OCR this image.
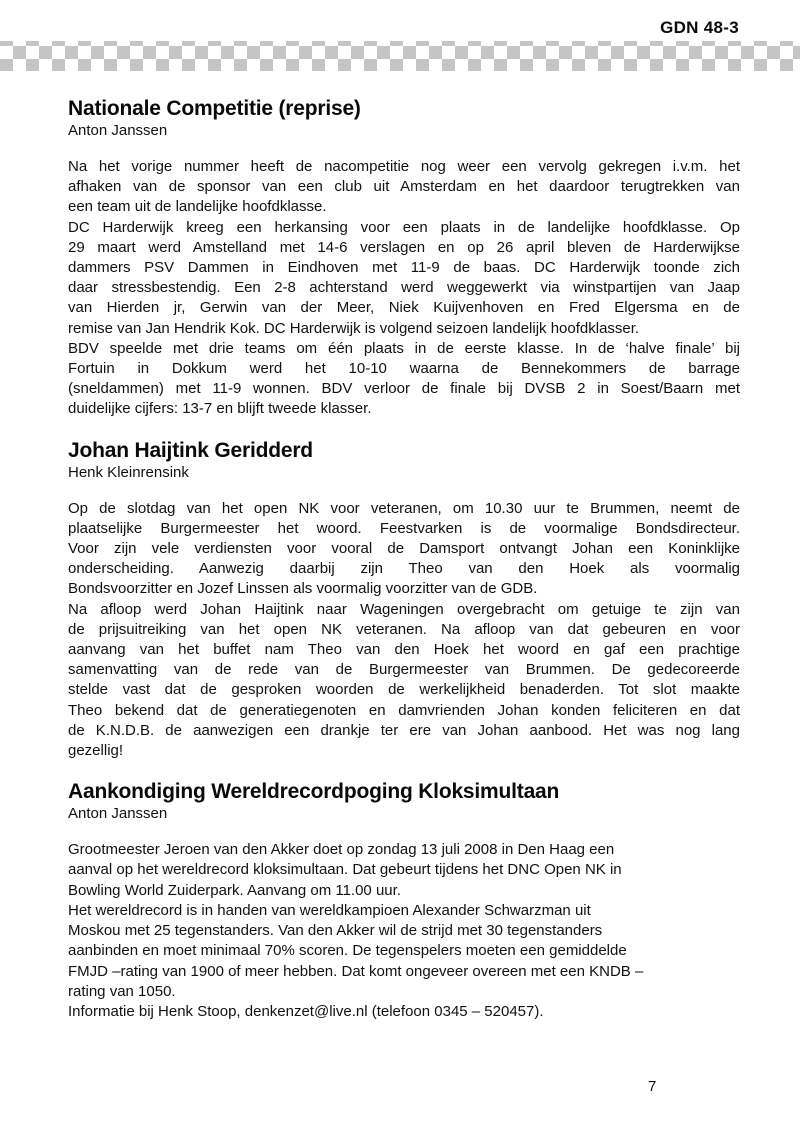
GDN 48-3
Nationale Competitie (reprise)
Anton Janssen
Na het vorige nummer heeft de nacompetitie nog weer een vervolg gekregen i.v.m. het
afhaken van de sponsor van een club uit Amsterdam en het daardoor terugtrekken van
een team uit de landelijke hoofdklasse.
DC Harderwijk kreeg een herkansing voor een plaats in de landelijke hoofdklasse. Op
29 maart werd Amstelland met 14-6 verslagen en op 26 april bleven de Harderwijkse
dammers PSV Dammen in Eindhoven met 11-9 de baas. DC Harderwijk toonde zich
daar stressbestendig. Een 2-8 achterstand werd weggewerkt via winstpartijen van Jaap
van Hierden jr, Gerwin van der Meer, Niek Kuijvenhoven en Fred Elgersma en de
remise van Jan Hendrik Kok. DC Harderwijk is volgend seizoen landelijk hoofdklasser.
BDV speelde met drie teams om één plaats in de eerste klasse. In de ‘halve finale’ bij
Fortuin in Dokkum werd het 10-10 waarna de Bennekommers de barrage
(sneldammen) met 11-9 wonnen. BDV verloor de finale bij DVSB 2 in Soest/Baarn met
duidelijke cijfers: 13-7 en blijft tweede klasser.
Johan Haijtink Geridderd
Henk Kleinrensink
Op de slotdag van het open NK voor veteranen, om 10.30 uur te Brummen, neemt de
plaatselijke Burgermeester het woord. Feestvarken is de voormalige Bondsdirecteur.
Voor zijn vele verdiensten voor vooral de Damsport ontvangt Johan een Koninklijke
onderscheiding. Aanwezig daarbij zijn Theo van den Hoek als voormalig
Bondsvoorzitter en Jozef Linssen als voormalig voorzitter van de GDB.
Na afloop werd Johan Haijtink naar Wageningen overgebracht om getuige te zijn van
de prijsuitreiking van het open NK veteranen. Na afloop van dat gebeuren en voor
aanvang van het buffet nam Theo van den Hoek het woord en gaf een prachtige
samenvatting van de rede van de Burgermeester van Brummen. De gedecoreerde
stelde vast dat de gesproken woorden de werkelijkheid benaderden. Tot slot maakte
Theo bekend dat de generatiegenoten en damvrienden Johan konden feliciteren en dat
de K.N.D.B. de aanwezigen een drankje ter ere van Johan aanbood. Het was nog lang
gezellig!
Aankondiging Wereldrecordpoging Kloksimultaan
Anton Janssen
Grootmeester Jeroen van den Akker doet op zondag 13 juli 2008 in Den Haag een
aanval op het wereldrecord kloksimultaan. Dat gebeurt tijdens het DNC Open NK in
Bowling World Zuiderpark. Aanvang om 11.00 uur.
Het wereldrecord is in handen van wereldkampioen Alexander Schwarzman uit
Moskou met 25 tegenstanders. Van den Akker wil de strijd met 30 tegenstanders
aanbinden en moet minimaal 70% scoren. De tegenspelers moeten een gemiddelde
FMJD –rating van 1900 of meer hebben. Dat komt ongeveer overeen met een KNDB –
rating van 1050.
Informatie bij Henk Stoop, denkenzet@live.nl (telefoon 0345 – 520457).
7
